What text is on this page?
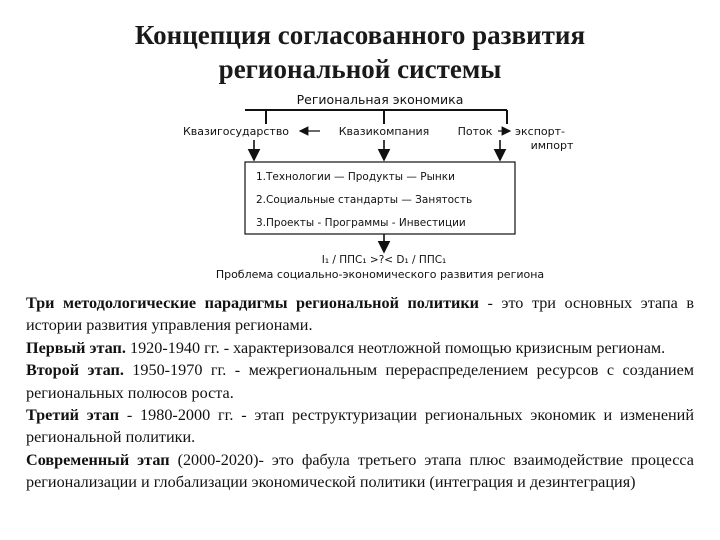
Концепция согласованного развития
региональной системы
Региональная экономика
Квазигосударство	Квазикомпания	Поток экспорт-
импорт
1.Технологии — Продукты — Рынки
2.Социальные стандарты — Занятость
3.Проекты - Программы - Инвестиции
I₁ / ППС₁ >?< D₁ / ППС₁
Проблема социально-экономического развития региона

Три методологические парадигмы региональной политики - это три основных этапа в истории развития управления регионами.

Первый этап. 1920-1940 гг. - характеризовался неотложной помощью кризисным регионам.

Второй этап. 1950-1970 гг. - межрегиональным перераспределением ресурсов с созданием региональных полюсов роста.

Третий этап - 1980-2000 гг. - этап реструктуризации региональных экономик и изменений региональной политики.

Современный этап (2000-2020)- это фабула третьего этапа плюс взаимодействие процесса регионализации и глобализации экономической политики (интеграция и дезинтеграция)
